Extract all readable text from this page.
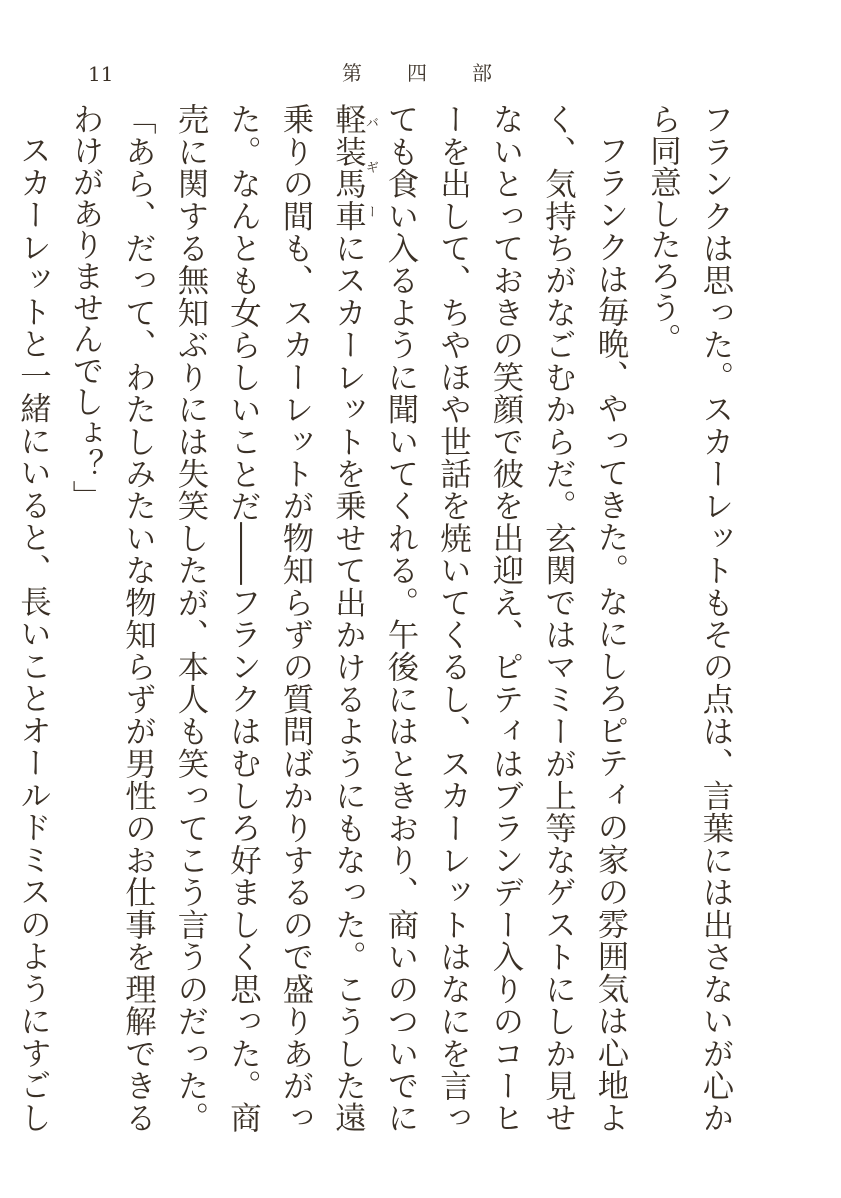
11	第 四 部

フランクは思った。スカーレットもその点は、言葉には出さないが心から同意したろう。

フランクは毎晩、やってきた。なにしろピティの家の雰囲気は心地よく、気持ちがなごむからだ。玄関ではマミーが上等なゲストにしか見せないとっておきの笑顔で彼を出迎え、ピティはブランデー入りのコーヒーを出して、ちやほや世話を焼いてくるし、スカーレットはなにを言っても食い入るように聞いてくれる。午後にはときおり、商いのついでに軽装馬車バギーにスカーレットを乗せて出かけるようにもなった。こうした遠乗りの間も、スカーレットが物知らずの質問ばかりするので盛りあがった。なんとも女らしいことだ――フランクはむしろ好ましく思った。商売に関する無知ぶりには失笑したが、本人も笑ってこう言うのだった。「あら、だって、わたしみたいな物知らずが男性のお仕事を理解できるわけがありませんでしょ？」

スカーレットと一緒にいると、長いことオールドミスのようにすごし
